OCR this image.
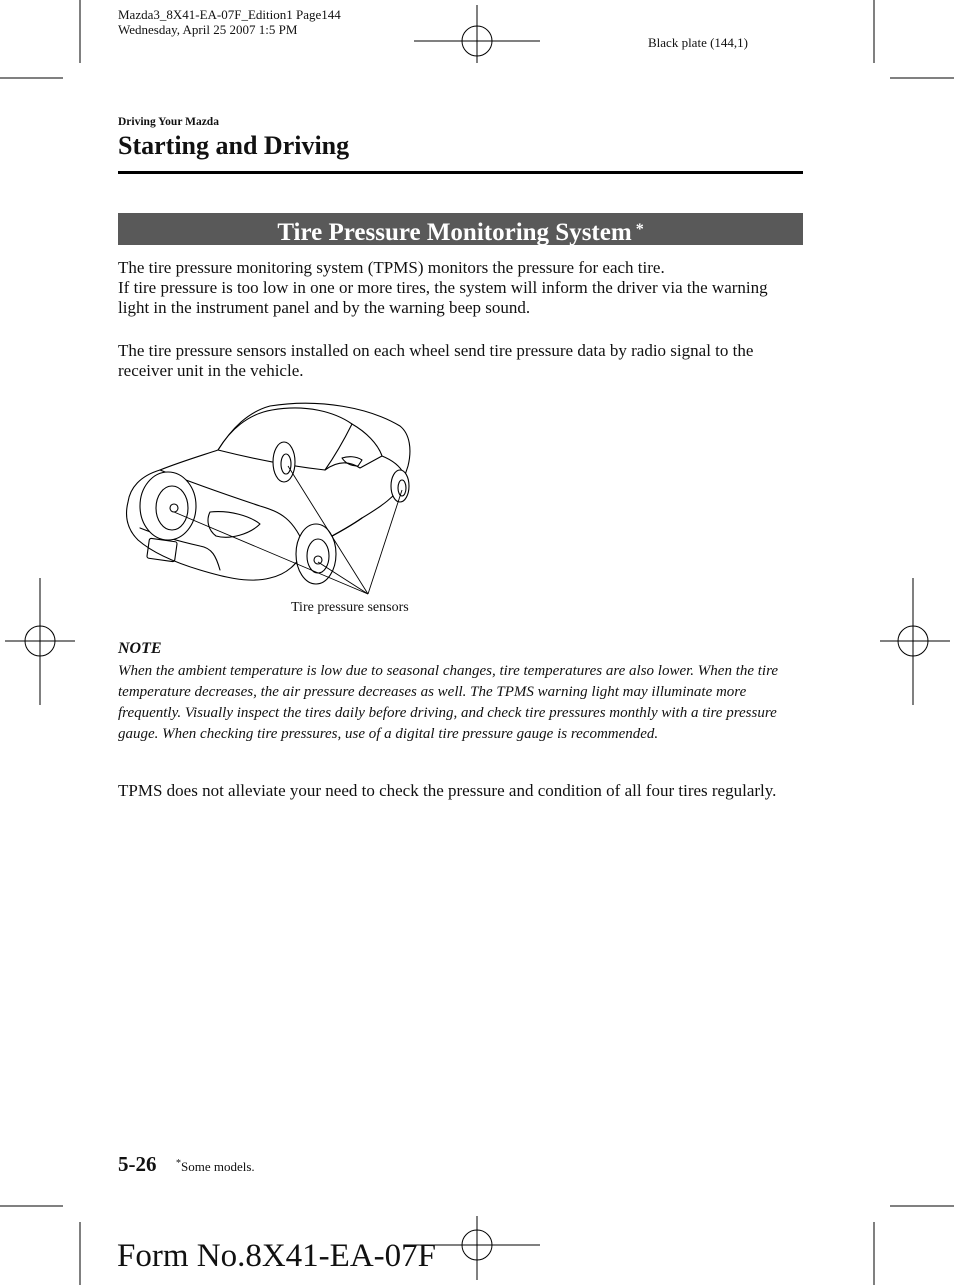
Mazda3_8X41-EA-07F_Edition1 Page144
Wednesday, April 25 2007 1:5 PM
Black plate (144,1)
Driving Your Mazda
Starting and Driving
Tire Pressure Monitoring System *

The tire pressure monitoring system (TPMS) monitors the pressure for each tire.

If tire pressure is too low in one or more tires, the system will inform the driver via the warning light in the instrument panel and by the warning beep sound.

The tire pressure sensors installed on each wheel send tire pressure data by radio signal to the receiver unit in the vehicle.

Tire pressure sensors
NOTE
When the ambient temperature is low due to seasonal changes, tire temperatures are also lower. When the tire temperature decreases, the air pressure decreases as well. The TPMS warning light may illuminate more frequently. Visually inspect the tires daily before driving, and check tire pressures monthly with a tire pressure gauge. When checking tire pressures, use of a digital tire pressure gauge is recommended.

TPMS does not alleviate your need to check the pressure and condition of all four tires regularly.

5-26 *Some models.
Form No.8X41-EA-07F
